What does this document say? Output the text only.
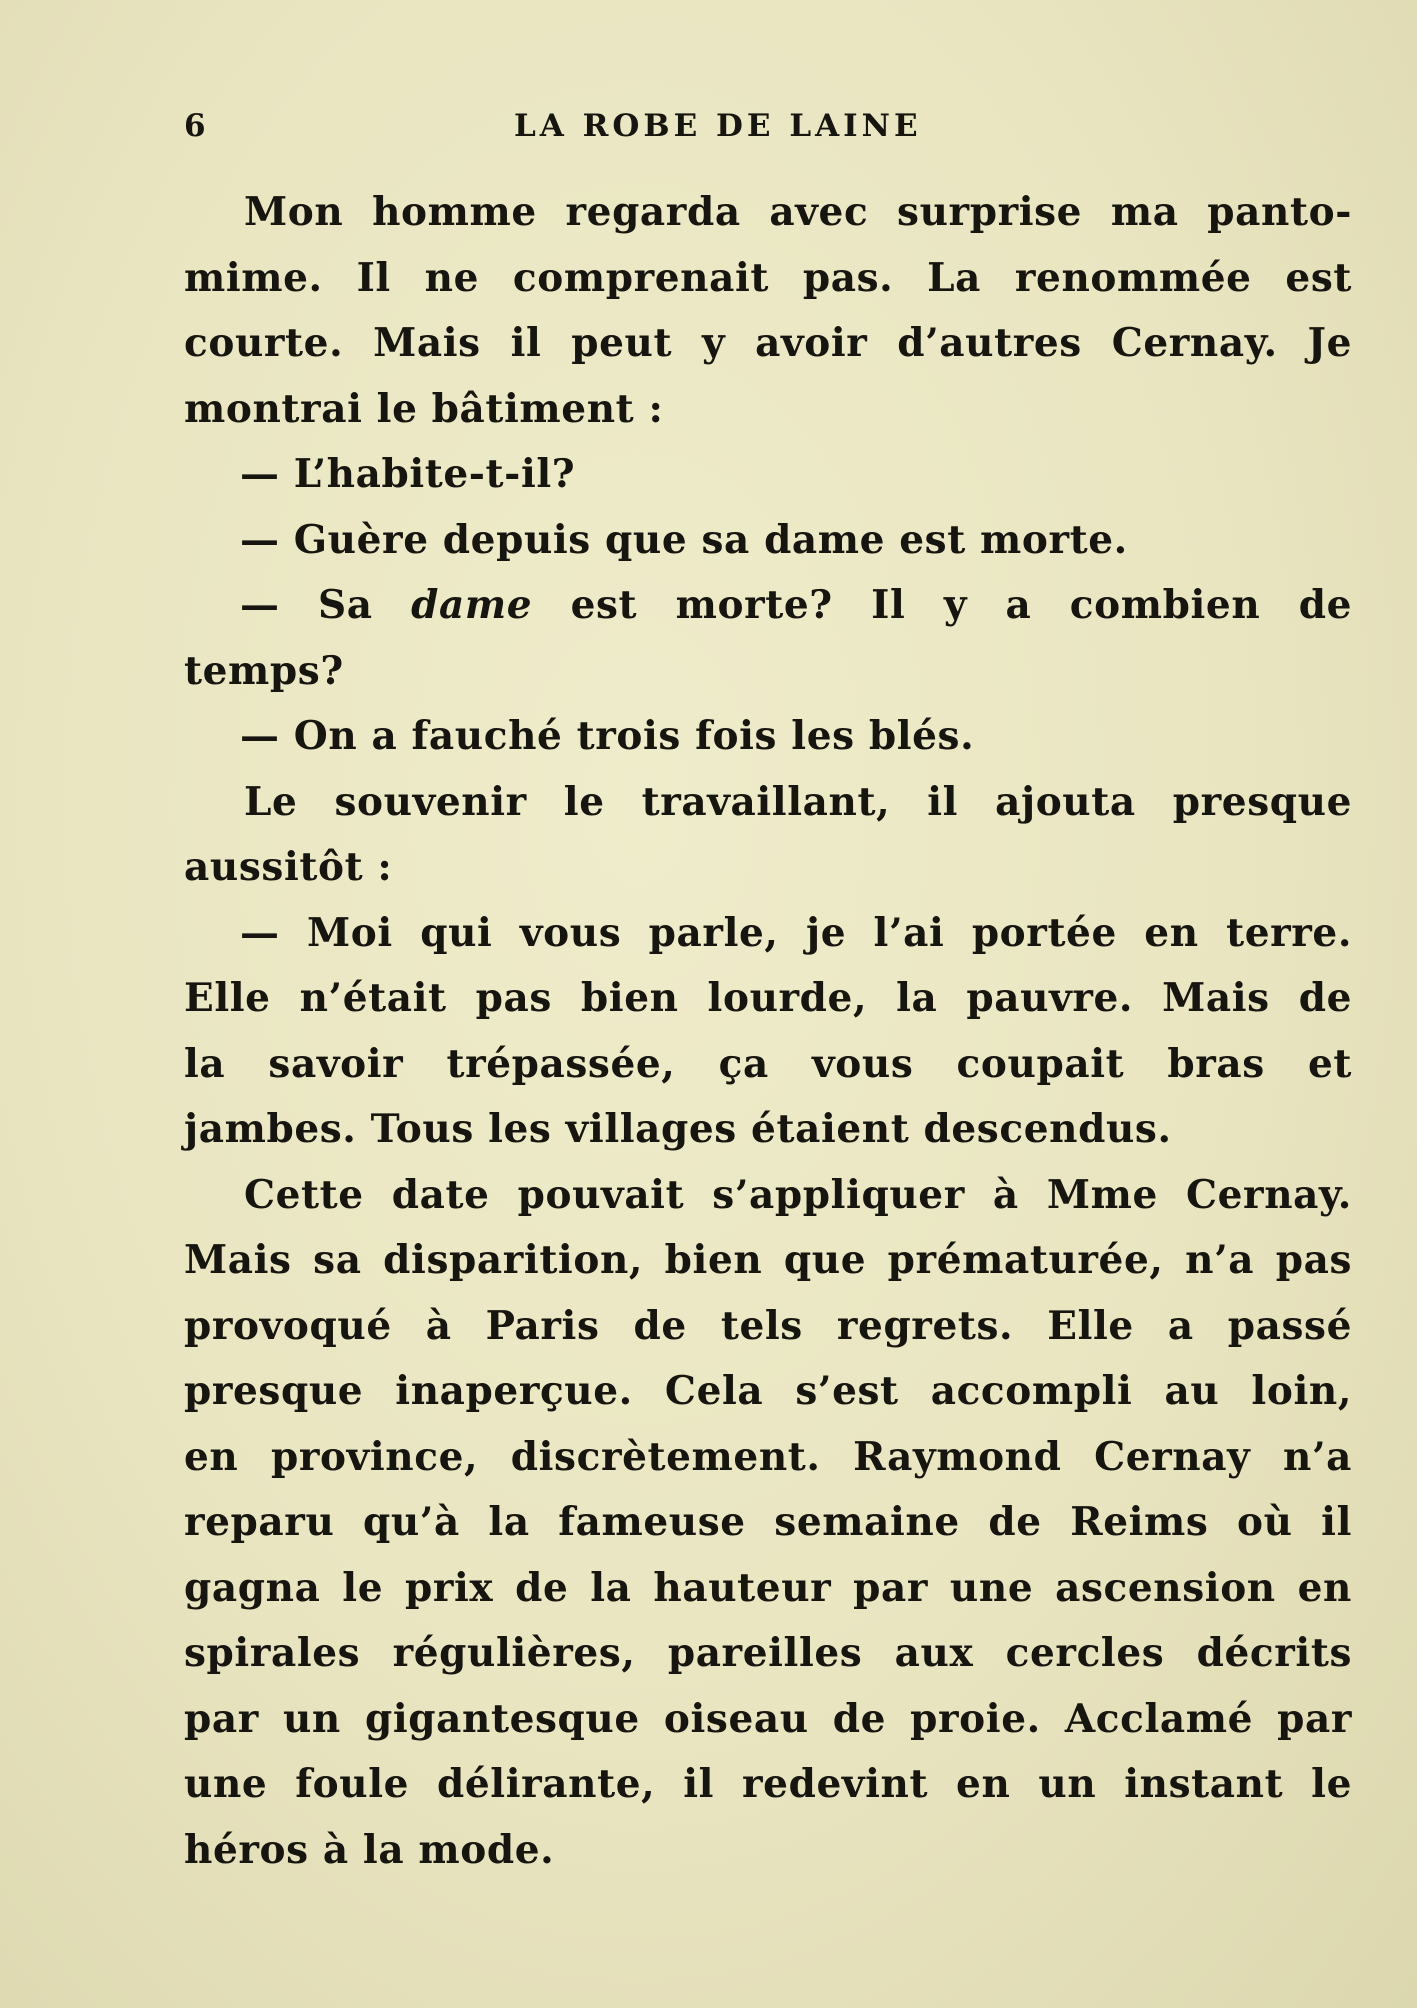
6	LA ROBE DE LAINE
Mon homme regarda avec surprise ma panto-
mime. Il ne comprenait pas. La renommée est
courte. Mais il peut y avoir d’autres Cernay. Je
montrai le bâtiment :
— L’habite-t-il?
— Guère depuis que sa dame est morte.
— Sa dame est morte? Il y a combien de
temps?
— On a fauché trois fois les blés.
Le souvenir le travaillant, il ajouta presque
aussitôt :
— Moi qui vous parle, je l’ai portée en terre.
Elle n’était pas bien lourde, la pauvre. Mais de
la savoir trépassée, ça vous coupait bras et
jambes. Tous les villages étaient descendus.
Cette date pouvait s’appliquer à Mme Cernay.
Mais sa disparition, bien que prématurée, n’a pas
provoqué à Paris de tels regrets. Elle a passé
presque inaperçue. Cela s’est accompli au loin,
en province, discrètement. Raymond Cernay n’a
reparu qu’à la fameuse semaine de Reims où il
gagna le prix de la hauteur par une ascension en
spirales régulières, pareilles aux cercles décrits
par un gigantesque oiseau de proie. Acclamé par
une foule délirante, il redevint en un instant le
héros à la mode.
